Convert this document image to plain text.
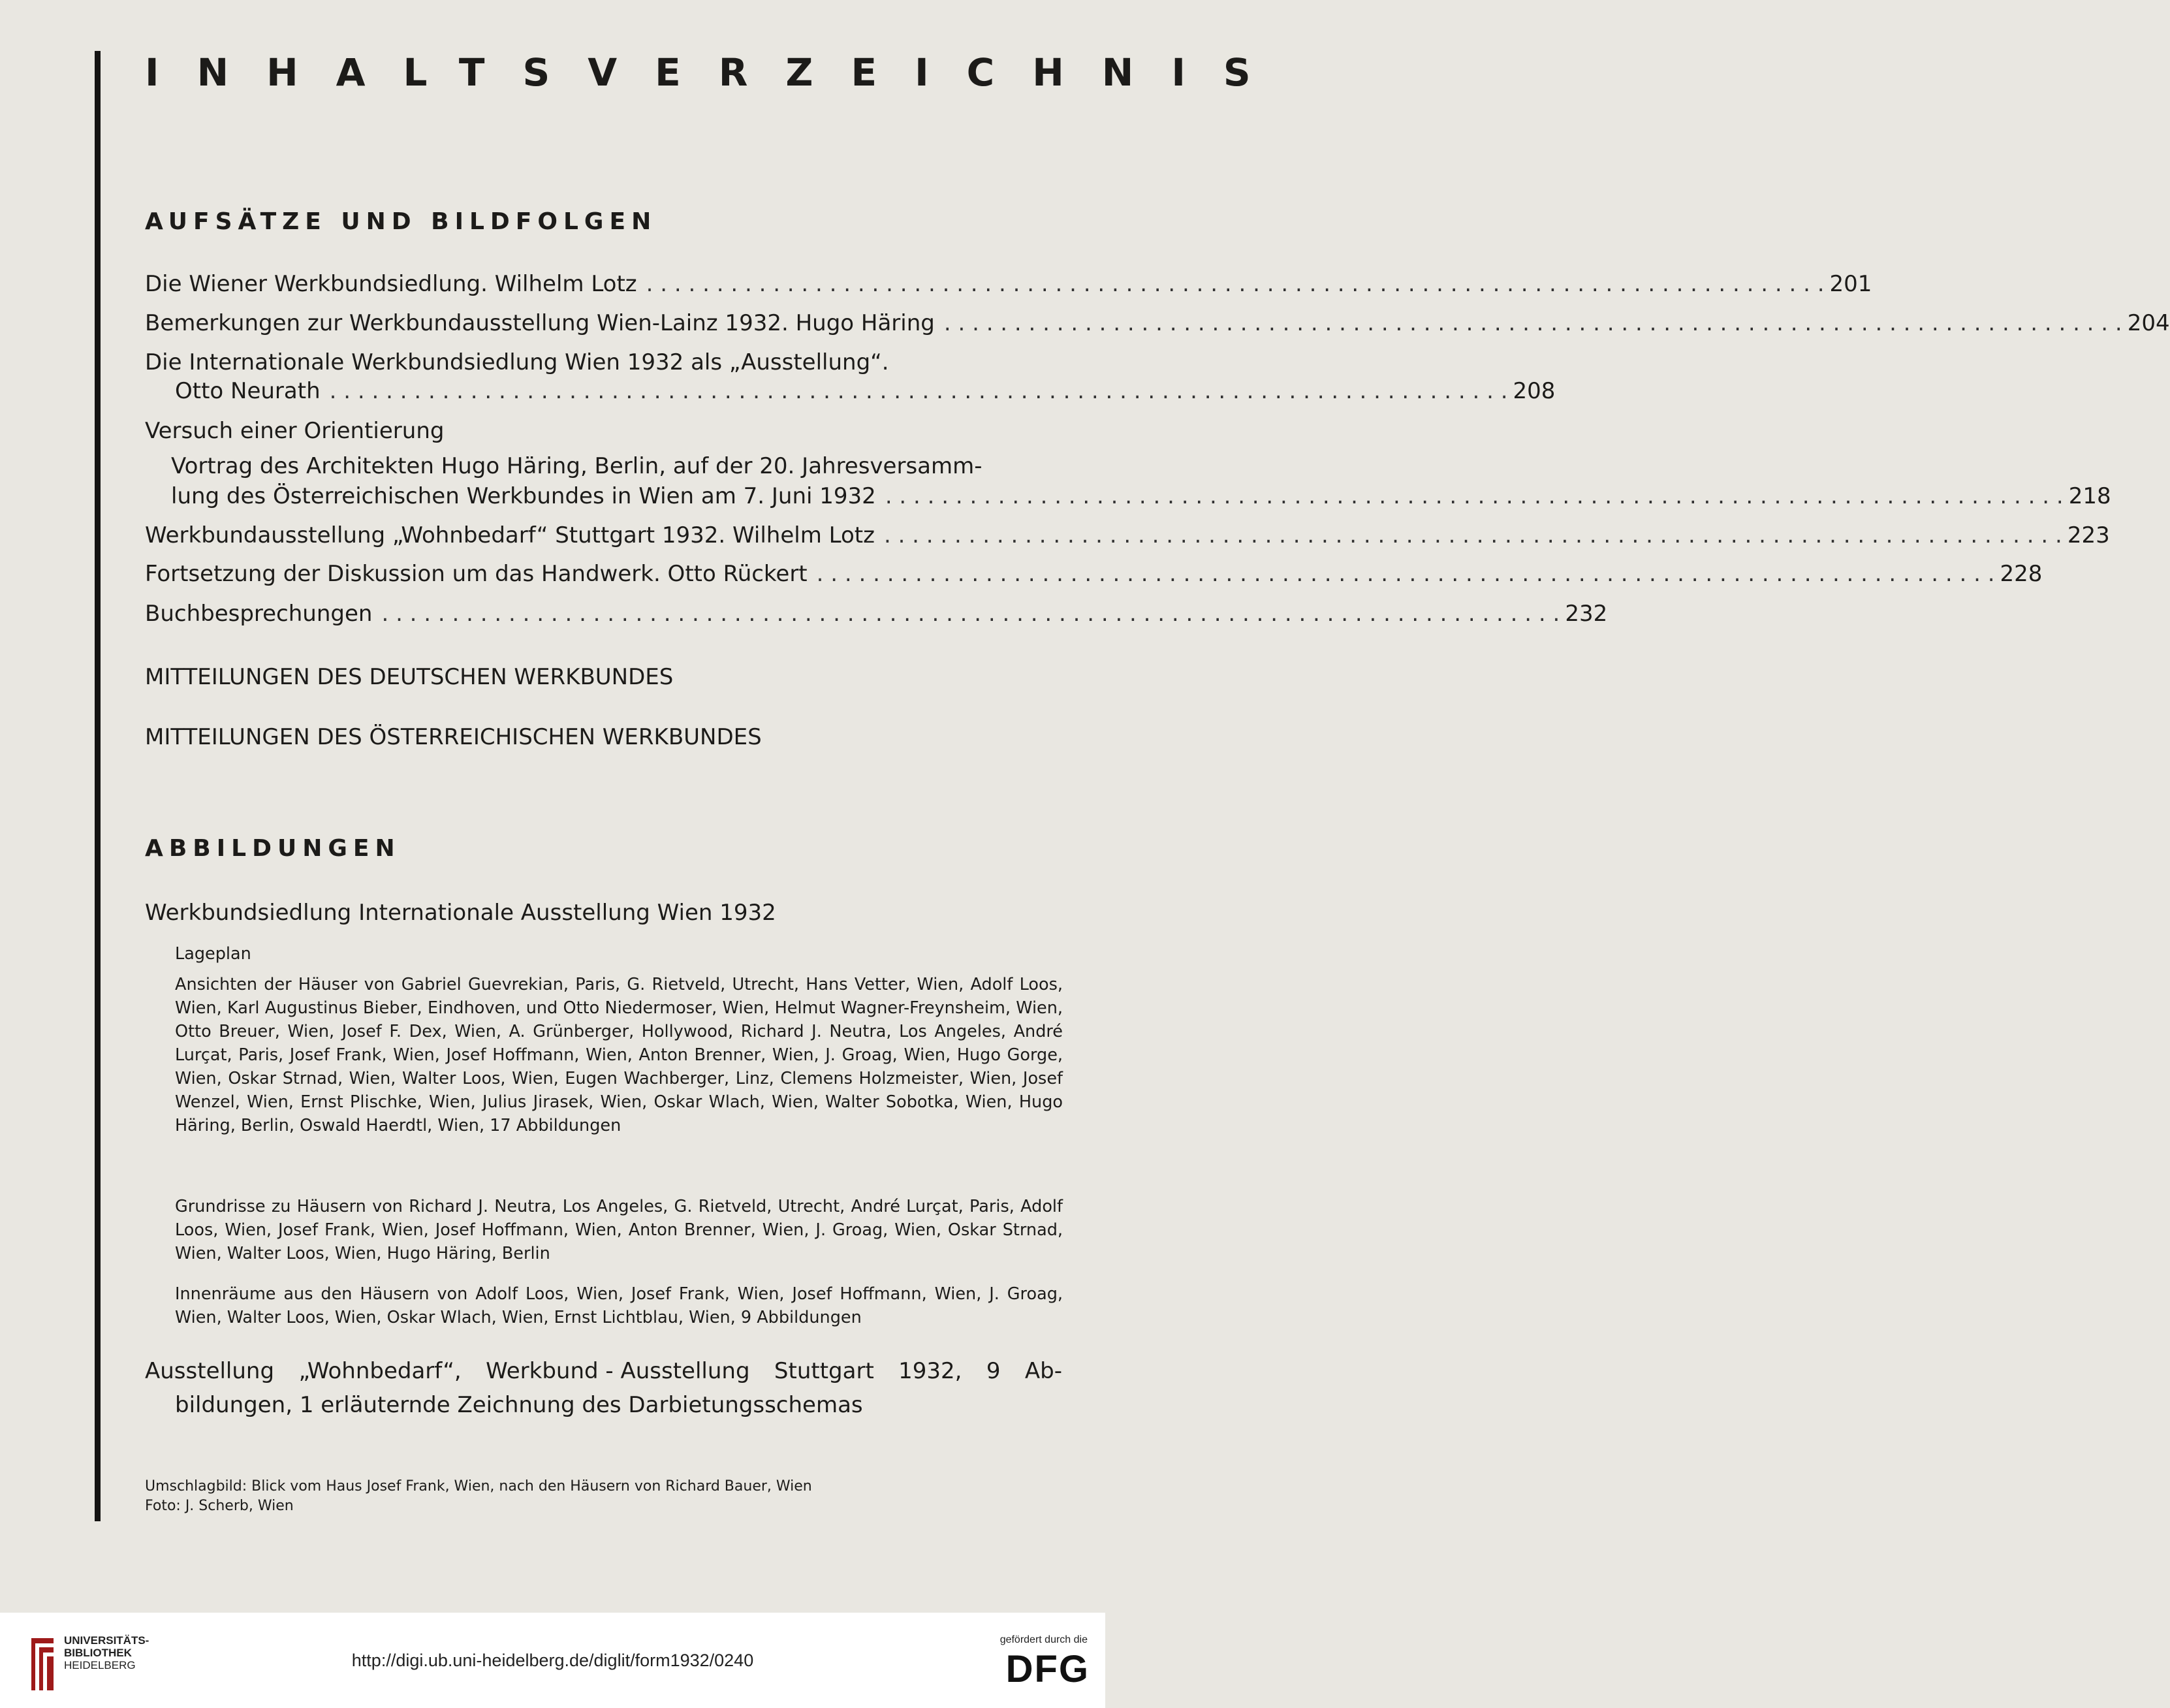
INHALTSVERZEICHNIS
AUFSÄTZE UND BILDFOLGEN
Die Wiener Werkbundsiedlung. Wilhelm Lotz . . .	201
Bemerkungen zur Werkbundausstellung Wien-Lainz 1932. Hugo Häring . . .	204
Die Internationale Werkbundsiedlung Wien 1932 als „Ausstellung“.
Otto Neurath . . .	208
Versuch einer Orientierung
Vortrag des Architekten Hugo Häring, Berlin, auf der 20. Jahresversamm-
lung des Österreichischen Werkbundes in Wien am 7. Juni 1932 . . .	218
Werkbundausstellung „Wohnbedarf“ Stuttgart 1932. Wilhelm Lotz . . .	223
Fortsetzung der Diskussion um das Handwerk. Otto Rückert . . .	228
Buchbesprechungen . . .	232
MITTEILUNGEN DES DEUTSCHEN WERKBUNDES
MITTEILUNGEN DES ÖSTERREICHISCHEN WERKBUNDES
ABBILDUNGEN
Werkbundsiedlung Internationale Ausstellung Wien 1932
Lageplan
Ansichten der Häuser von Gabriel Guevrekian, Paris, G. Rietveld, Utrecht, Hans Vetter, Wien, Adolf Loos, Wien, Karl Augustinus Bieber, Eindhoven, und Otto Niedermoser, Wien, Helmut Wagner-Freynsheim, Wien, Otto Breuer, Wien, Josef F. Dex, Wien, A. Grünberger, Hollywood, Richard J. Neutra, Los Angeles, André Lurçat, Paris, Josef Frank, Wien, Josef Hoffmann, Wien, Anton Brenner, Wien, J. Groag, Wien, Hugo Gorge, Wien, Oskar Strnad, Wien, Walter Loos, Wien, Eugen Wachberger, Linz, Clemens Holzmeister, Wien, Josef Wenzel, Wien, Ernst Plischke, Wien, Julius Jirasek, Wien, Oskar Wlach, Wien, Walter Sobotka, Wien, Hugo Häring, Berlin, Oswald Haerdtl, Wien, 17 Abbildungen
Grundrisse zu Häusern von Richard J. Neutra, Los Angeles, G. Rietveld, Utrecht, André Lurçat, Paris, Adolf Loos, Wien, Josef Frank, Wien, Josef Hoffmann, Wien, Anton Brenner, Wien, J. Groag, Wien, Oskar Strnad, Wien, Walter Loos, Wien, Hugo Häring, Berlin
Innenräume aus den Häusern von Adolf Loos, Wien, Josef Frank, Wien, Josef Hoffmann, Wien, J. Groag, Wien, Walter Loos, Wien, Oskar Wlach, Wien, Ernst Lichtblau, Wien, 9 Abbildungen
Ausstellung „Wohnbedarf“, Werkbund - Ausstellung Stuttgart 1932, 9 Ab-
bildungen, 1 erläuternde Zeichnung des Darbietungsschemas
Umschlagbild: Blick vom Haus Josef Frank, Wien, nach den Häusern von Richard Bauer, Wien
Foto: J. Scherb, Wien
UNIVERSITÄTS-
BIBLIOTHEK
HEIDELBERG	http://digi.ub.uni-heidelberg.de/diglit/form1932/0240
gefördert durch die
DFG
